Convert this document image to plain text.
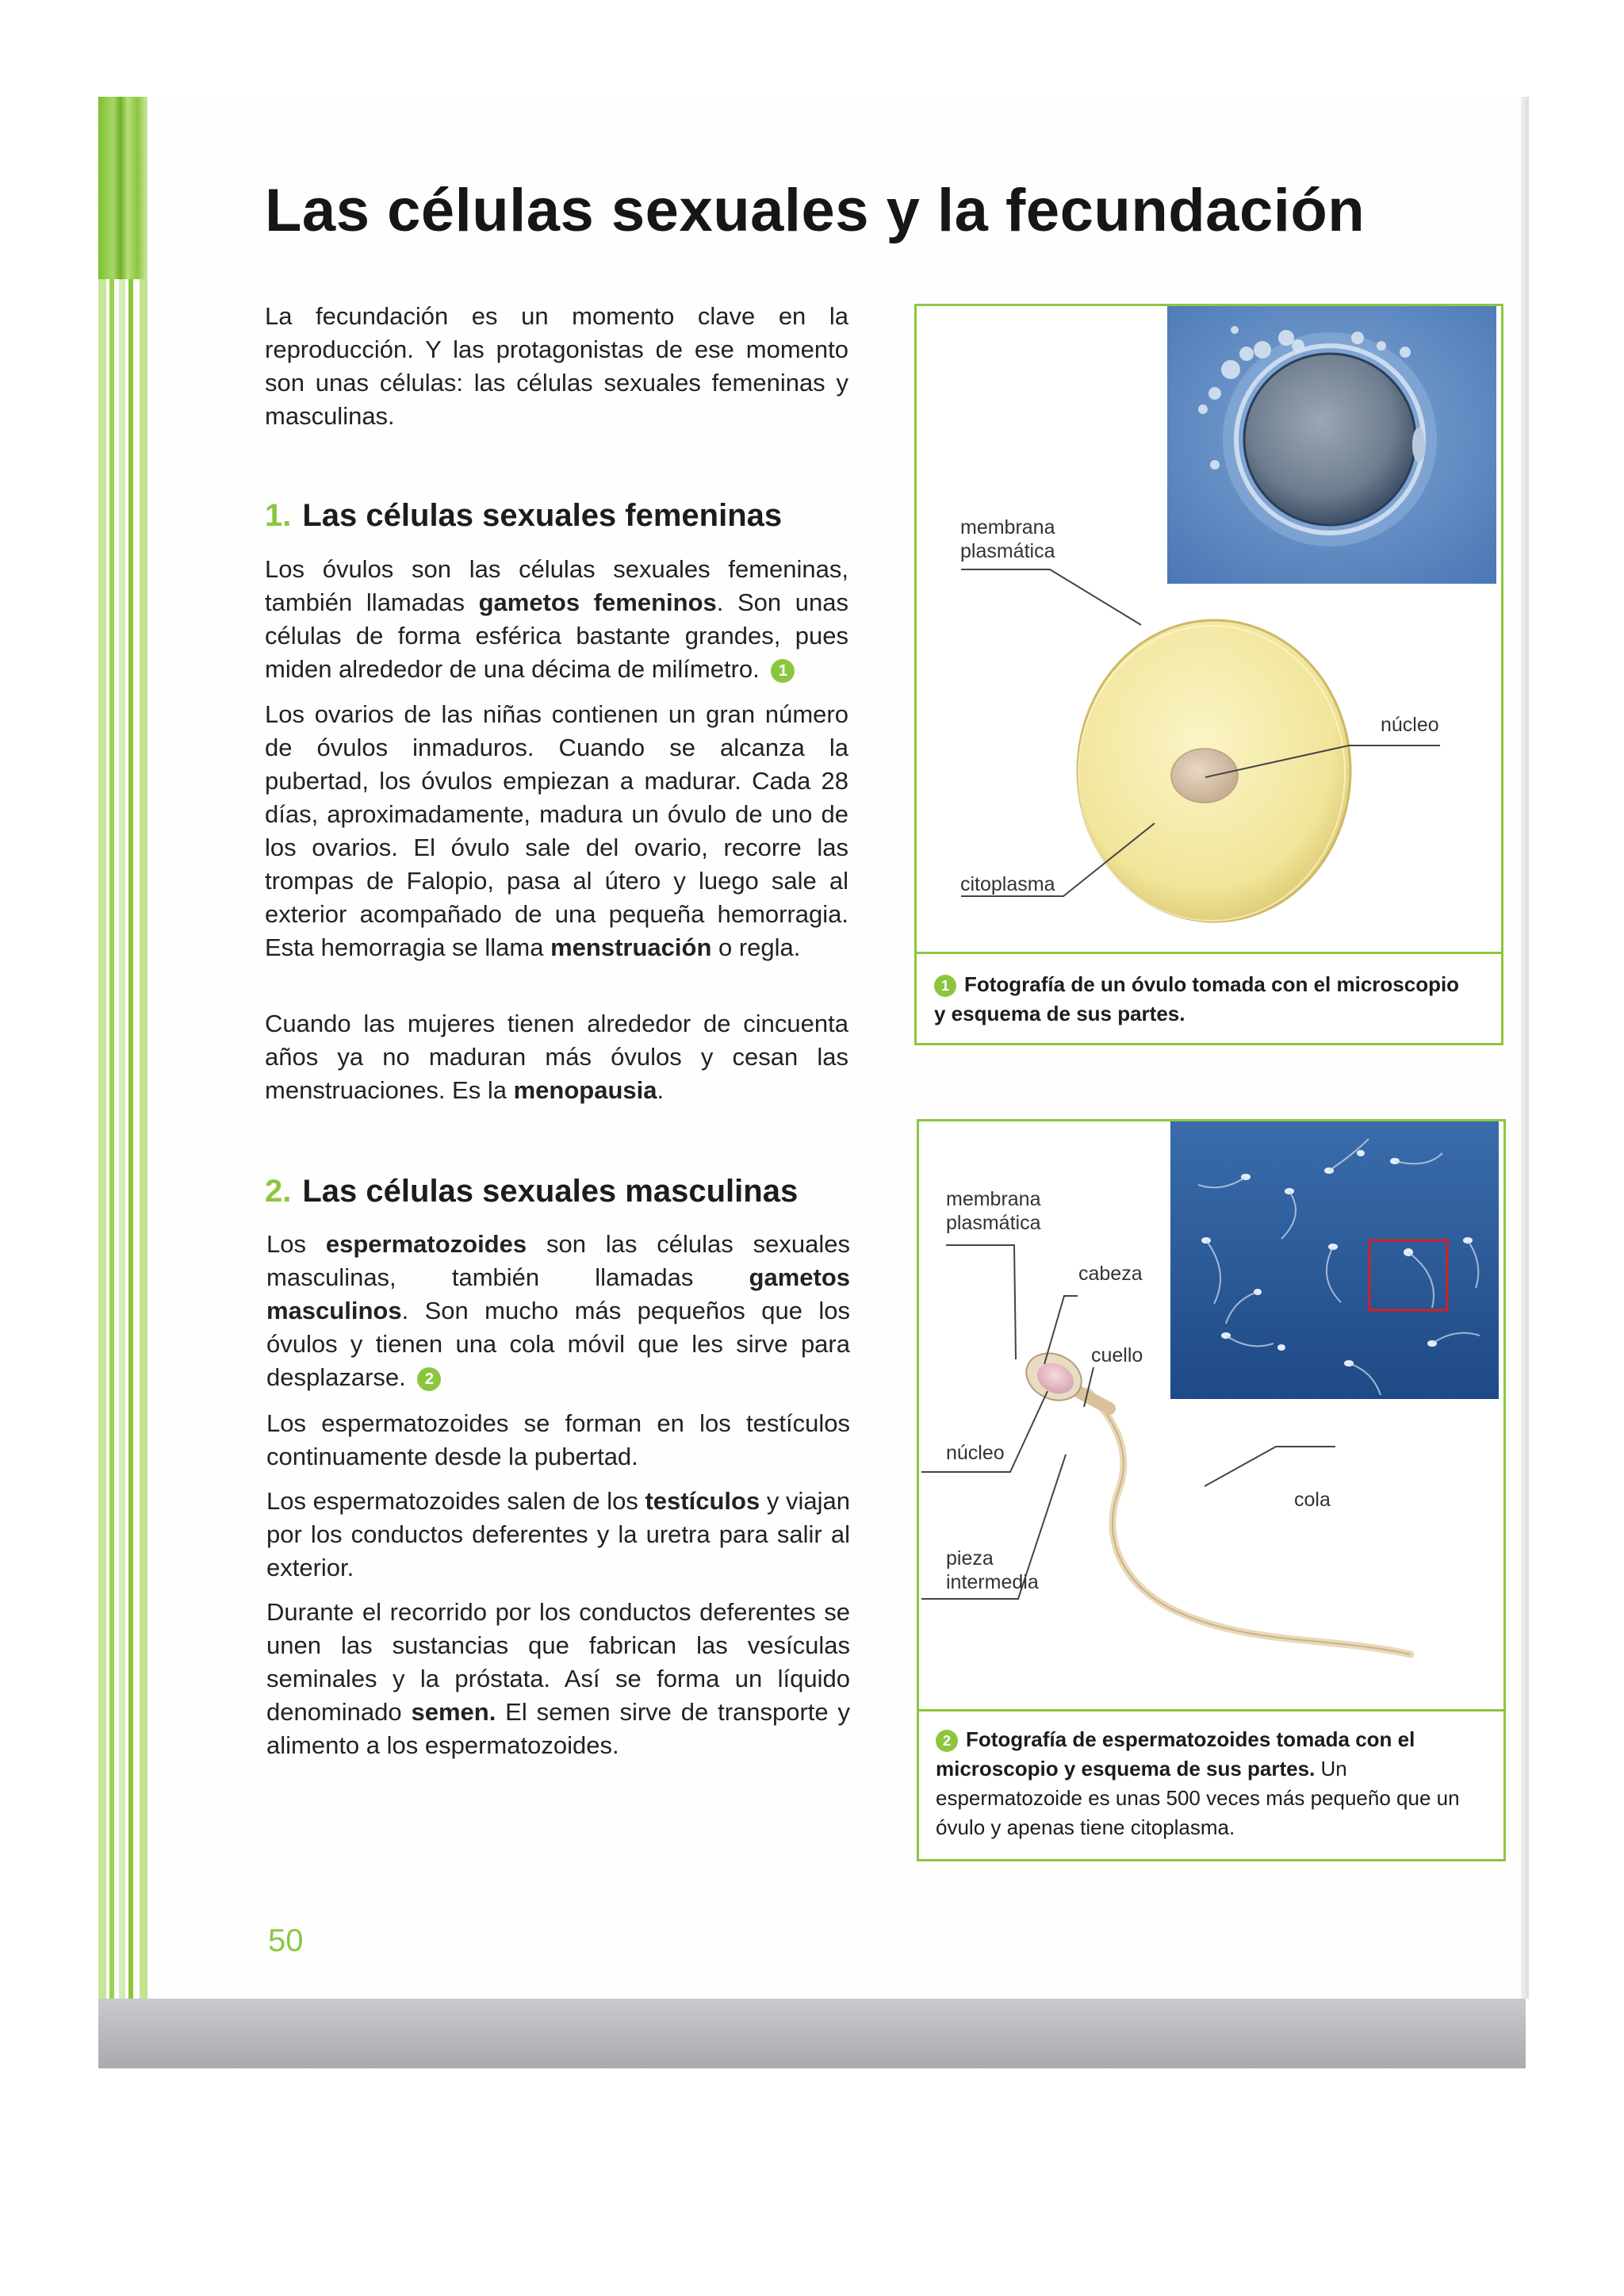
Las células sexuales y la fecundación

La fecundación es un momento clave en la reproducción. Y las protagonistas de ese momento son unas células: las células sexuales femeninas y masculinas.

1. Las células sexuales femeninas

Los óvulos son las células sexuales femeninas, también llamadas gametos femeninos. Son unas células de forma esférica bastante grandes, pues miden alrededor de una décima de milímetro. 1

Los ovarios de las niñas contienen un gran número de óvulos inmaduros. Cuando se alcanza la pubertad, los óvulos empiezan a madurar. Cada 28 días, aproximadamente, madura un óvulo de uno de los ovarios. El óvulo sale del ovario, recorre las trompas de Falopio, pasa al útero y luego sale al exterior acompañado de una pequeña hemorragia. Esta hemorragia se llama menstruación o regla.

Cuando las mujeres tienen alrededor de cincuenta años ya no maduran más óvulos y cesan las menstruaciones. Es la menopausia.

2. Las células sexuales masculinas

Los espermatozoides son las células sexuales masculinas, también llamadas gametos masculinos. Son mucho más pequeños que los óvulos y tienen una cola móvil que les sirve para desplazarse. 2

Los espermatozoides se forman en los testículos continuamente desde la pubertad.

Los espermatozoides salen de los testículos y viajan por los conductos deferentes y la uretra para salir al exterior.

Durante el recorrido por los conductos deferentes se unen las sustancias que fabrican las vesículas seminales y la próstata. Así se forma un líquido denominado semen. El semen sirve de transporte y alimento a los espermatozoides.

membrana
plasmática
núcleo
citoplasma
1 Fotografía de un óvulo tomada con el microscopio y esquema de sus partes.
membrana
plasmática
cabeza
cuello
núcleo
cola
pieza
intermedia
2 Fotografía de espermatozoides tomada con el microscopio y esquema de sus partes. Un espermatozoide es unas 500 veces más pequeño que un óvulo y apenas tiene citoplasma.
50
